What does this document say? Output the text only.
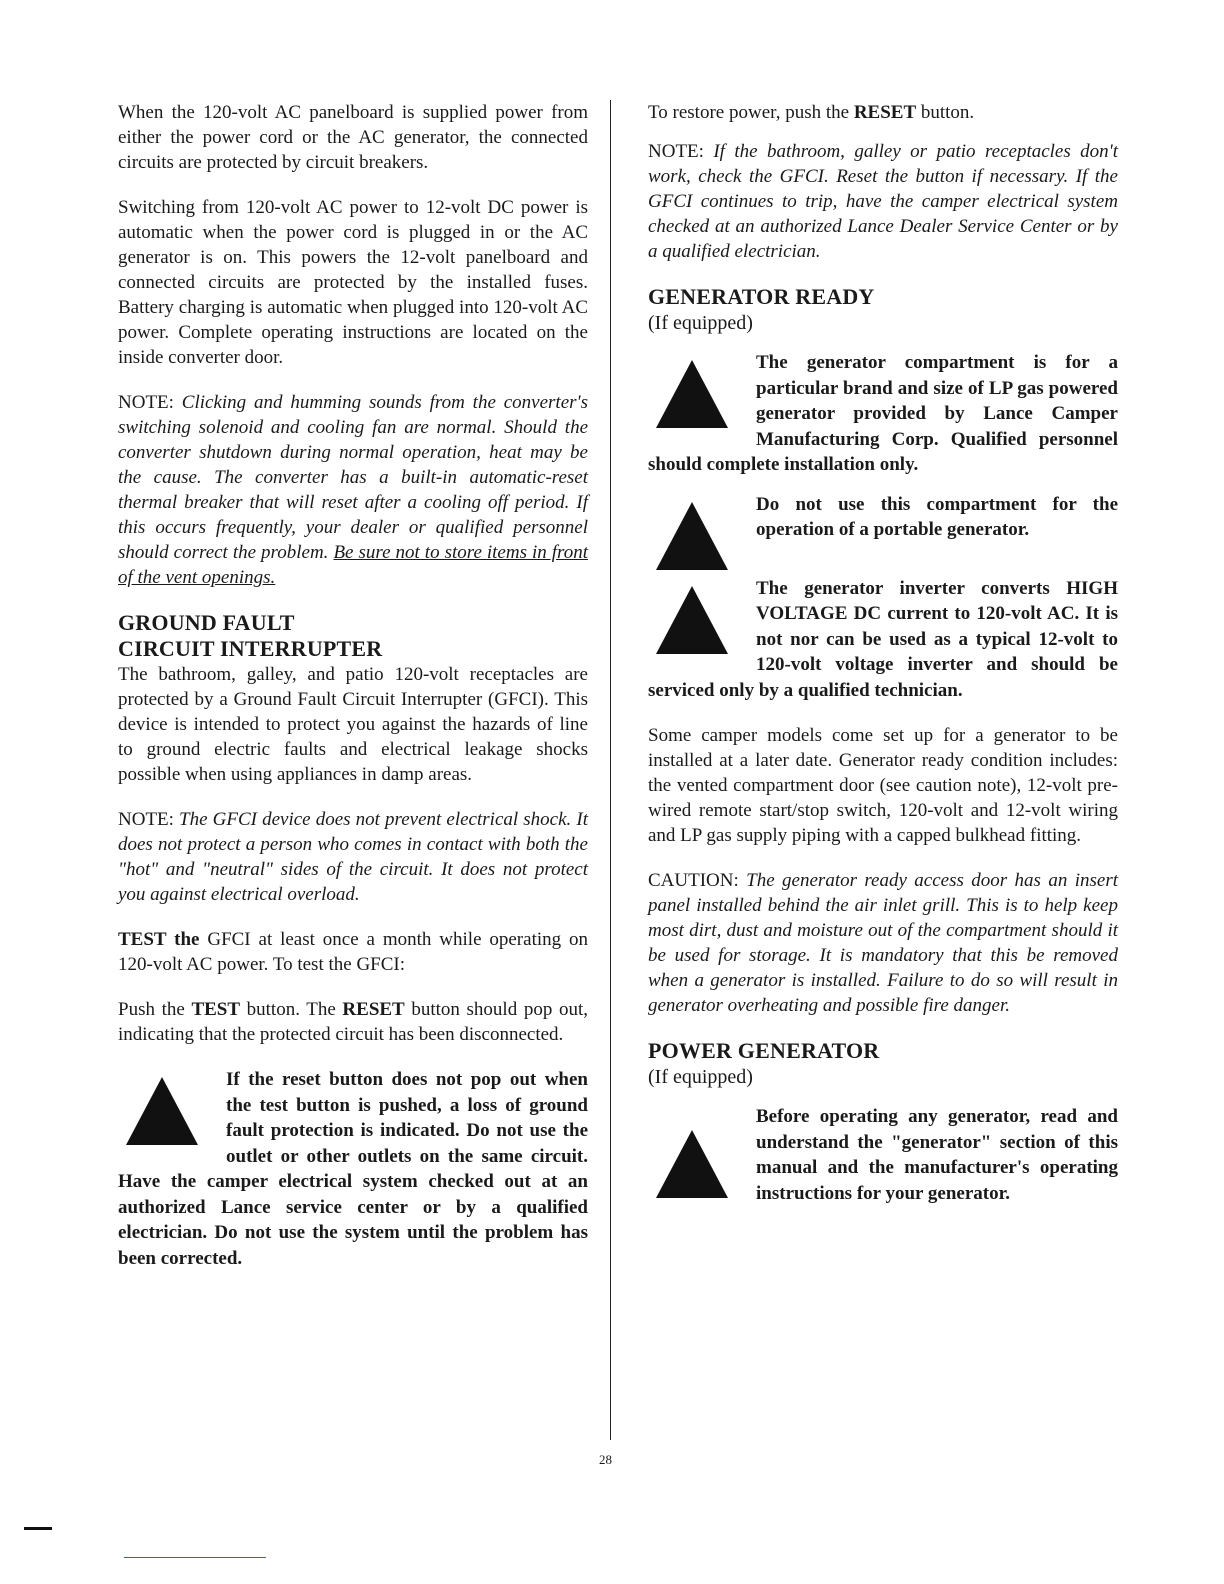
When the 120-volt AC panelboard is supplied power from either the power cord or the AC generator, the connected circuits are protected by circuit breakers.

Switching from 120-volt AC power to 12-volt DC power is automatic when the power cord is plugged in or the AC generator is on. This powers the 12-volt panelboard and connected circuits are protected by the installed fuses. Battery charging is automatic when plugged into 120-volt AC power. Complete operating instructions are located on the inside converter door.

NOTE: Clicking and humming sounds from the converter's switching solenoid and cooling fan are normal. Should the converter shutdown during normal operation, heat may be the cause. The converter has a built-in automatic-reset thermal breaker that will reset after a cooling off period. If this occurs frequently, your dealer or qualified personnel should correct the problem. Be sure not to store items in front of the vent openings.

GROUND FAULT
CIRCUIT INTERRUPTER

The bathroom, galley, and patio 120-volt receptacles are protected by a Ground Fault Circuit Interrupter (GFCI). This device is intended to protect you against the hazards of line to ground electric faults and electrical leakage shocks possible when using appliances in damp areas.

NOTE: The GFCI device does not prevent electrical shock. It does not protect a person who comes in contact with both the "hot" and "neutral" sides of the circuit. It does not protect you against electrical overload.

TEST the GFCI at least once a month while operating on 120-volt AC power. To test the GFCI:

Push the TEST button. The RESET button should pop out, indicating that the protected circuit has been disconnected.

If the reset button does not pop out when the test button is pushed, a loss of ground fault protection is indicated. Do not use the outlet or other outlets on the same circuit. Have the camper electrical system checked out at an authorized Lance service center or by a qualified electrician. Do not use the system until the problem has been corrected.

To restore power, push the RESET button.

NOTE: If the bathroom, galley or patio receptacles don't work, check the GFCI. Reset the button if necessary. If the GFCI continues to trip, have the camper electrical system checked at an authorized Lance Dealer Service Center or by a qualified electrician.

GENERATOR READY

(If equipped)

The generator compartment is for a particular brand and size of LP gas powered generator provided by Lance Camper Manufacturing Corp. Qualified personnel should complete installation only.
Do not use this compartment for the operation of a portable generator.
The generator inverter converts HIGH VOLTAGE DC current to 120-volt AC. It is not nor can be used as a typical 12-volt to 120-volt voltage inverter and should be serviced only by a qualified technician.

Some camper models come set up for a generator to be installed at a later date. Generator ready condition includes: the vented compartment door (see caution note), 12-volt pre-wired remote start/stop switch, 120-volt and 12-volt wiring and LP gas supply piping with a capped bulkhead fitting.

CAUTION: The generator ready access door has an insert panel installed behind the air inlet grill. This is to help keep most dirt, dust and moisture out of the compartment should it be used for storage. It is mandatory that this be removed when a generator is installed. Failure to do so will result in generator overheating and possible fire danger.

POWER GENERATOR

(If equipped)

Before operating any generator, read and understand the "generator" section of this manual and the manufacturer's operating instructions for your generator.
28
